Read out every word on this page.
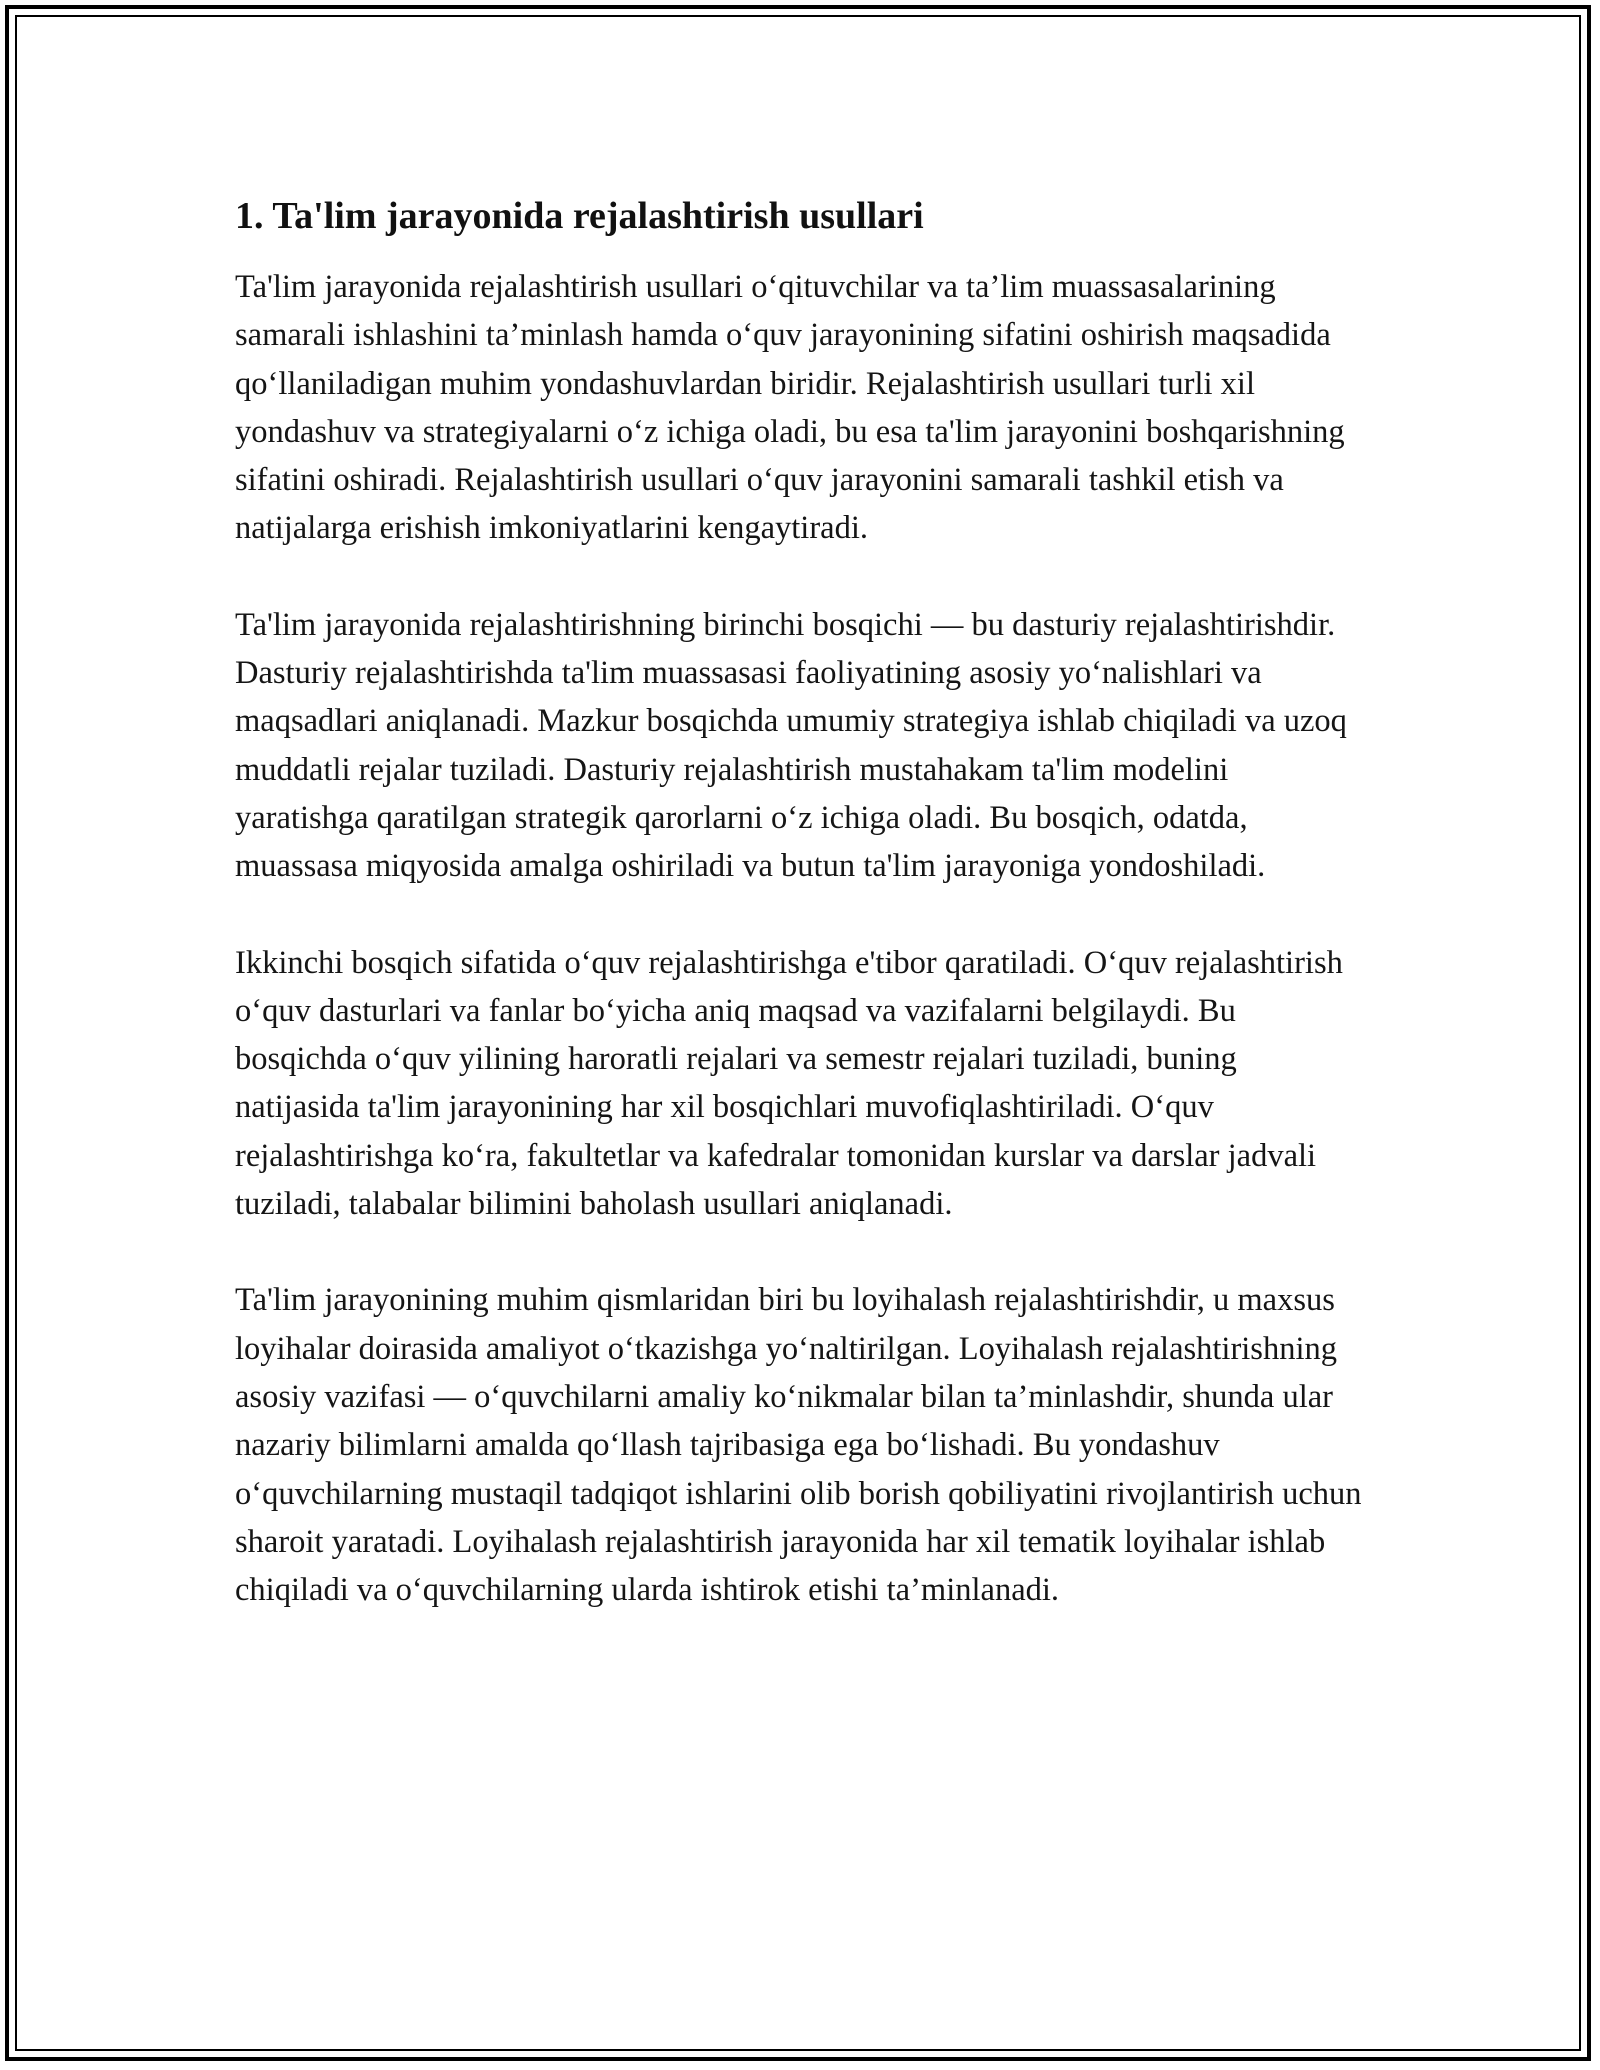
1. Ta'lim jarayonida rejalashtirish usullari

Ta'lim jarayonida rejalashtirish usullari o‘qituvchilar va ta’lim muassasalarining samarali ishlashini ta’minlash hamda o‘quv jarayonining sifatini oshirish maqsadida qo‘llaniladigan muhim yondashuvlardan biridir. Rejalashtirish usullari turli xil yondashuv va strategiyalarni o‘z ichiga oladi, bu esa ta'lim jarayonini boshqarishning sifatini oshiradi. Rejalashtirish usullari o‘quv jarayonini samarali tashkil etish va natijalarga erishish imkoniyatlarini kengaytiradi.

Ta'lim jarayonida rejalashtirishning birinchi bosqichi — bu dasturiy rejalashtirishdir. Dasturiy rejalashtirishda ta'lim muassasasi faoliyatining asosiy yo‘nalishlari va maqsadlari aniqlanadi. Mazkur bosqichda umumiy strategiya ishlab chiqiladi va uzoq muddatli rejalar tuziladi. Dasturiy rejalashtirish mustahakam ta'lim modelini yaratishga qaratilgan strategik qarorlarni o‘z ichiga oladi. Bu bosqich, odatda, muassasa miqyosida amalga oshiriladi va butun ta'lim jarayoniga yondoshiladi.

Ikkinchi bosqich sifatida o‘quv rejalashtirishga e'tibor qaratiladi. O‘quv rejalashtirish o‘quv dasturlari va fanlar bo‘yicha aniq maqsad va vazifalarni belgilaydi. Bu bosqichda o‘quv yilining haroratli rejalari va semestr rejalari tuziladi, buning natijasida ta'lim jarayonining har xil bosqichlari muvofiqlashtiriladi. O‘quv rejalashtirishga ko‘ra, fakultetlar va kafedralar tomonidan kurslar va darslar jadvali tuziladi, talabalar bilimini baholash usullari aniqlanadi.

Ta'lim jarayonining muhim qismlaridan biri bu loyihalash rejalashtirishdir, u maxsus loyihalar doirasida amaliyot o‘tkazishga yo‘naltirilgan. Loyihalash rejalashtirishning asosiy vazifasi — o‘quvchilarni amaliy ko‘nikmalar bilan ta’minlashdir, shunda ular nazariy bilimlarni amalda qo‘llash tajribasiga ega bo‘lishadi. Bu yondashuv o‘quvchilarning mustaqil tadqiqot ishlarini olib borish qobiliyatini rivojlantirish uchun sharoit yaratadi. Loyihalash rejalashtirish jarayonida har xil tematik loyihalar ishlab chiqiladi va o‘quvchilarning ularda ishtirok etishi ta’minlanadi.
